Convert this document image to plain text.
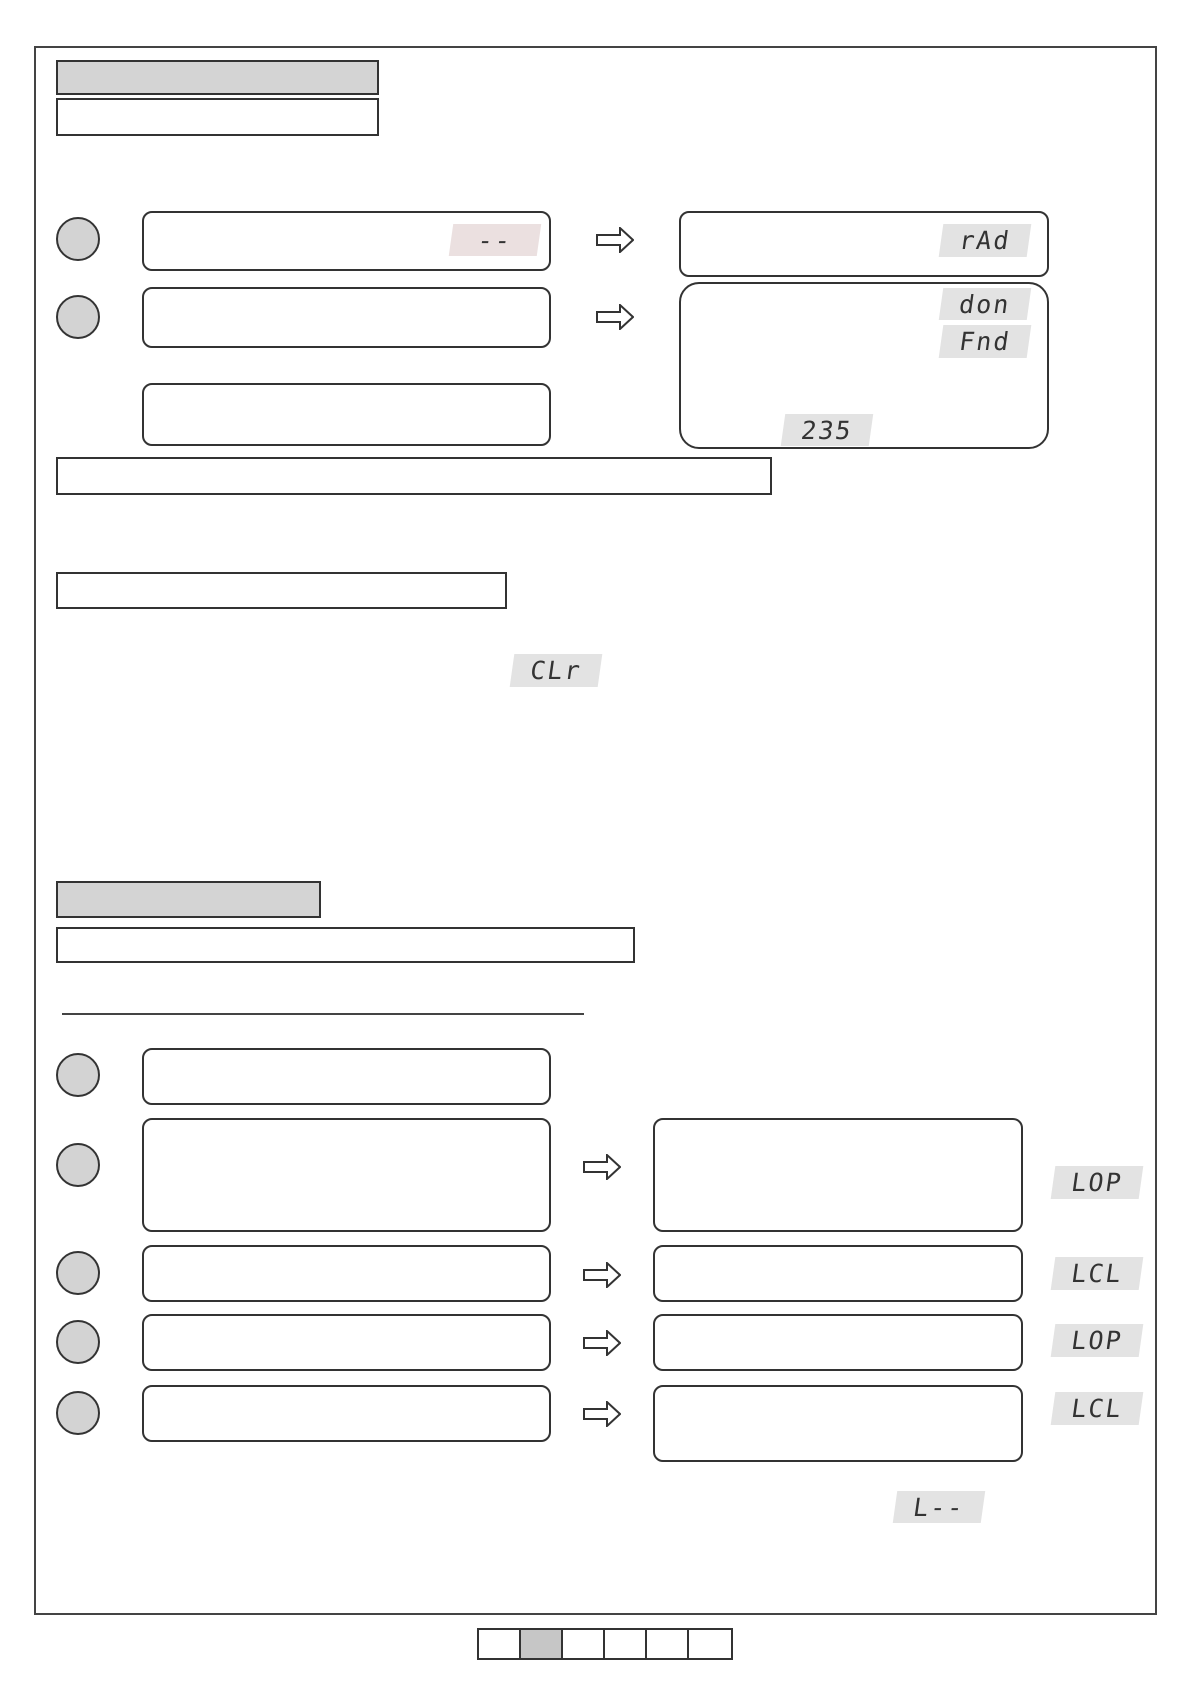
--	rAd
don
Fnd
235
CLr
LOP
LCL
LOP
LCL
L--
